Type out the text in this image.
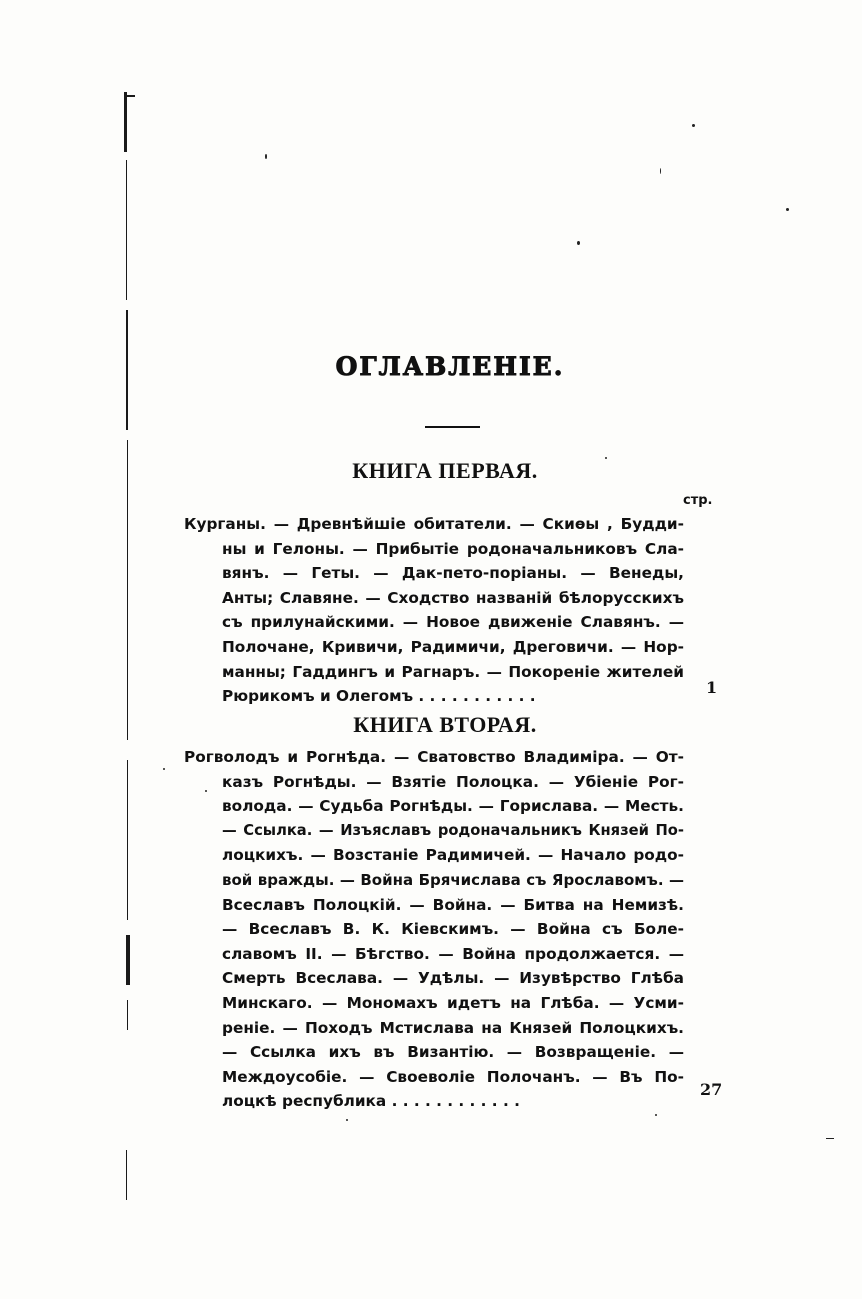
ОГЛАВЛЕНІЕ.
КНИГА ПЕРВАЯ.
стр.
Курганы. — Древнѣйшіе обитатели. — Скиѳы , Будди-
ны и Гелоны. — Прибытіе родоначальниковъ Сла-
вянъ. — Геты. — Дак-пето-поріаны. — Венеды,
Анты; Славяне. — Сходство названій бѣлорусскихъ
съ прилунайскими. — Новое движеніе Славянъ. —
Полочане, Кривичи, Радимичи, Дреговичи. — Нор-
манны; Гаддингъ и Рагнаръ. — Покореніе жителей
Рюрикомъ и Олегомъ . . . . . . . . . . .	1
КНИГА ВТОРАЯ.
Рогволодъ и Рогнѣда. — Сватовство Владиміра. — От-
казъ Рогнѣды. — Взятіе Полоцка. — Убіеніе Рог-
волода. — Судьба Рогнѣды. — Горислава. — Месть.
— Ссылка. — Изъяславъ родоначальникъ Князей По-
лоцкихъ. — Возстаніе Радимичей. — Начало родо-
вой вражды. — Война Брячислава съ Ярославомъ. —
Всеславъ Полоцкій. — Война. — Битва на Немизѣ.
— Всеславъ В. К. Кіевскимъ. — Война съ Боле-
славомъ II. — Бѣгство. — Война продолжается. —
Смерть Всеслава. — Удѣлы. — Изувѣрство Глѣба
Минскаго. — Мономахъ идетъ на Глѣба. — Усми-
реніе. — Походъ Мстислава на Князей Полоцкихъ.
— Ссылка ихъ въ Византію. — Возвращеніе. —
Междоусобіе. — Своеволіе Полочанъ. — Въ По-
лоцкѣ республика . . . . . . . . . . . .
27
